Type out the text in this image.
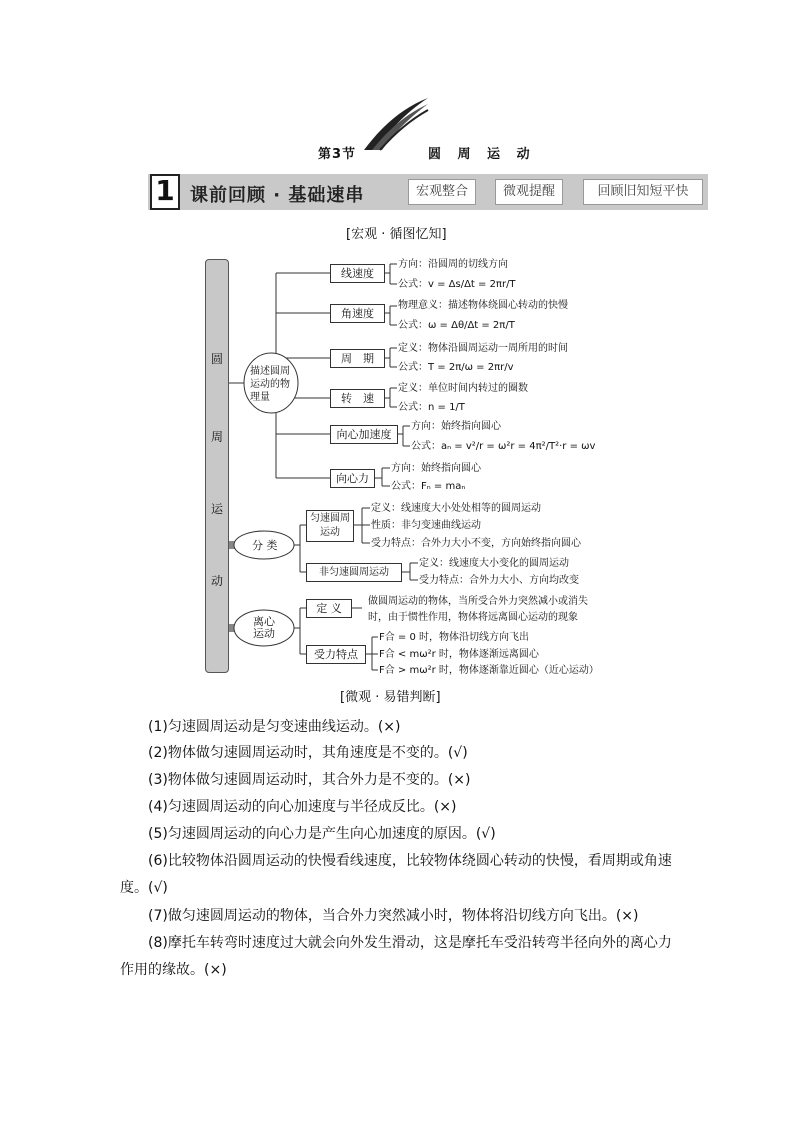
第3节	圆 周 运 动
1 课前回顾 · 基础速串	宏观整合	微观提醒	回顾旧知短平快
[宏观 · 循图忆知]
圆
周
运
动
描述圆周运动的物理量
线速度
方向：沿圆周的切线方向
公式：v = Δs/Δt = 2πr/T
角速度
物理意义：描述物体绕圆心转动的快慢
公式：ω = Δθ/Δt = 2π/T
周　期
定义：物体沿圆周运动一周所用的时间
公式：T = 2π/ω = 2πr/v
转　速
定义：单位时间内转过的圈数
公式：n = 1/T
向心加速度
方向：始终指向圆心
公式：aₙ = v²/r = ω²r = 4π²/T²·r = ωv
向心力
方向：始终指向圆心
公式：Fₙ = maₙ
分 类
匀速圆周运动
定义：线速度大小处处相等的圆周运动
性质：非匀变速曲线运动
受力特点：合外力大小不变，方向始终指向圆心
非匀速圆周运动
定义：线速度大小变化的圆周运动
受力特点：合外力大小、方向均改变
离心运动
定 义
做圆周运动的物体，当所受合外力突然减小或消失
时，由于惯性作用，物体将远离圆心运动的现象
受力特点
F合 = 0 时，物体沿切线方向飞出
F合 < mω²r 时，物体逐渐远离圆心
F合 > mω²r 时，物体逐渐靠近圆心（近心运动）
[微观 · 易错判断]
(1)匀速圆周运动是匀变速曲线运动。(×)
(2)物体做匀速圆周运动时，其角速度是不变的。(√)
(3)物体做匀速圆周运动时，其合外力是不变的。(×)
(4)匀速圆周运动的向心加速度与半径成反比。(×)
(5)匀速圆周运动的向心力是产生向心加速度的原因。(√)
(6)比较物体沿圆周运动的快慢看线速度，比较物体绕圆心转动的快慢，看周期或角速
度。(√)
(7)做匀速圆周运动的物体，当合外力突然减小时，物体将沿切线方向飞出。(×)
(8)摩托车转弯时速度过大就会向外发生滑动，这是摩托车受沿转弯半径向外的离心力
作用的缘故。(×)
